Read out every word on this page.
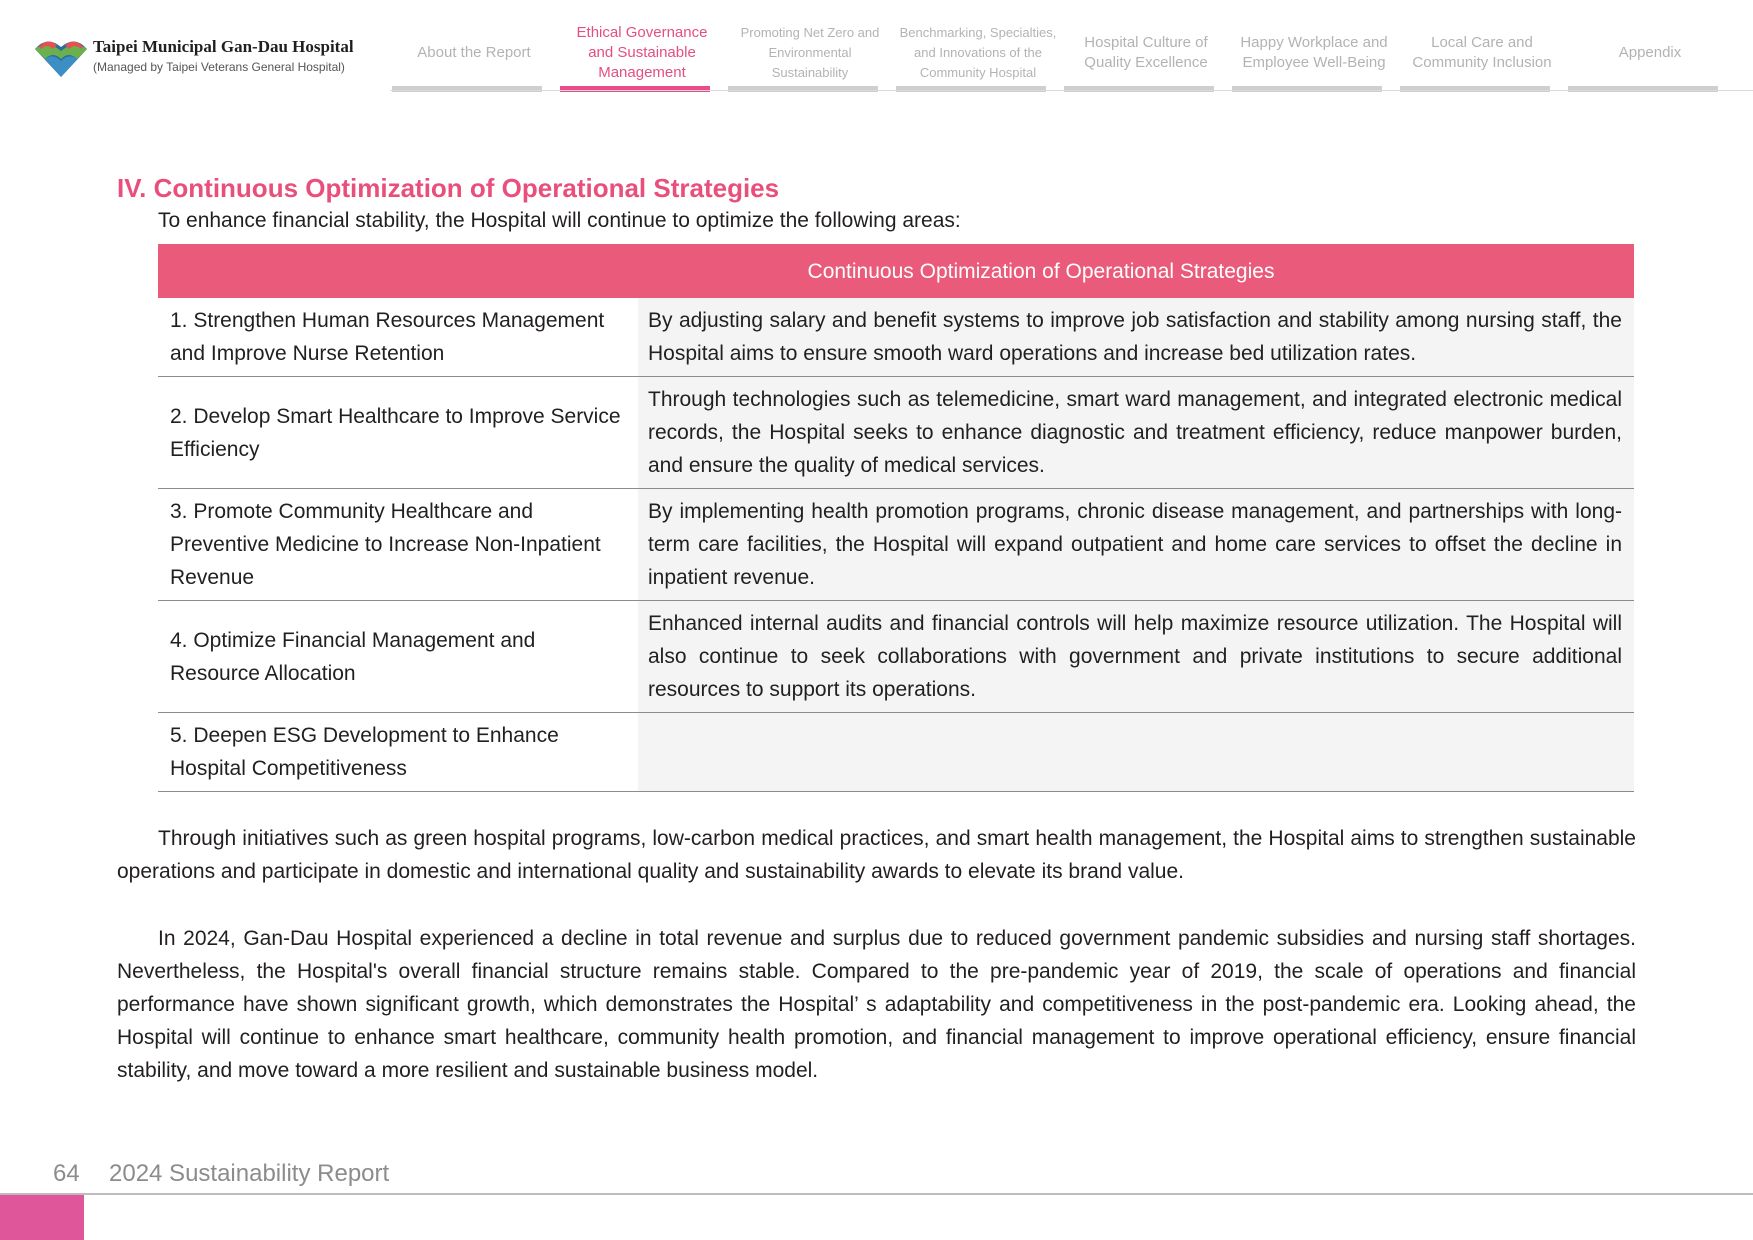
Taipei Municipal Gan-Dau Hospital
(Managed by Taipei Veterans General Hospital)
About the Report
Ethical Governance and Sustainable Management
Promoting Net Zero and Environmental Sustainability
Benchmarking, Specialties, and Innovations of the Community Hospital
Hospital Culture of Quality Excellence
Happy Workplace and Employee Well-Being
Local Care and Community Inclusion
Appendix
IV. Continuous Optimization of Operational Strategies

To enhance financial stability, the Hospital will continue to optimize the following areas:

Continuous Optimization of Operational Strategies	
1. Strengthen Human Resources Management and Improve Nurse Retention	By adjusting salary and benefit systems to improve job satisfaction and stability among nursing staff, the Hospital aims to ensure smooth ward operations and increase bed utilization rates.
2. Develop Smart Healthcare to Improve Service Efficiency	Through technologies such as telemedicine, smart ward management, and integrated electronic medical records, the Hospital seeks to enhance diagnostic and treatment efficiency, reduce manpower burden, and ensure the quality of medical services.
3. Promote Community Healthcare and Preventive Medicine to Increase Non-Inpatient Revenue	By implementing health promotion programs, chronic disease management, and partnerships with long-term care facilities, the Hospital will expand outpatient and home care services to offset the decline in inpatient revenue.
4. Optimize Financial Management and Resource Allocation	Enhanced internal audits and financial controls will help maximize resource utilization. The Hospital will also continue to seek collaborations with government and private institutions to secure additional resources to support its operations.
5. Deepen ESG Development to Enhance Hospital Competitiveness	

Through initiatives such as green hospital programs, low-carbon medical practices, and smart health management, the Hospital aims to strengthen sustainable operations and participate in domestic and international quality and sustainability awards to elevate its brand value.

In 2024, Gan-Dau Hospital experienced a decline in total revenue and surplus due to reduced government pandemic subsidies and nursing staff shortages. Nevertheless, the Hospital's overall financial structure remains stable. Compared to the pre-pandemic year of 2019, the scale of operations and financial performance have shown significant growth, which demonstrates the Hospital’ s adaptability and competitiveness in the post-pandemic era. Looking ahead, the Hospital will continue to enhance smart healthcare, community health promotion, and financial management to improve operational efficiency, ensure financial stability, and move toward a more resilient and sustainable business model.

64 2024 Sustainability Report
